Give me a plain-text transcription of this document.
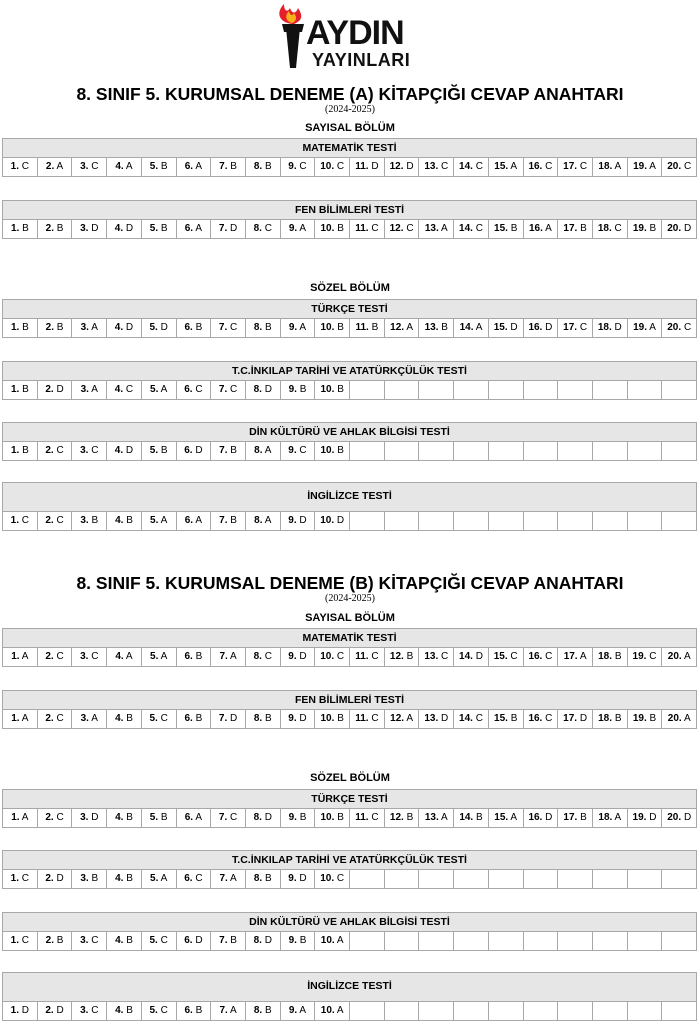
AYDIN
YAYINLARI
8. SINIF 5. KURUMSAL DENEME (A) KİTAPÇIĞI CEVAP ANAHTARI
(2024-2025)
SAYISAL BÖLÜM
MATEMATİK TESTİ
1. C	2. A	3. C	4. A	5. B	6. A	7. B	8. B	9. C	10. C	11. D	12. D	13. C	14. C	15. A	16. C	17. C	18. A	19. A	20. C
FEN BİLİMLERİ TESTİ
1. B	2. B	3. D	4. D	5. B	6. A	7. D	8. C	9. A	10. B	11. C	12. C	13. A	14. C	15. B	16. A	17. B	18. C	19. B	20. D
SÖZEL BÖLÜM
TÜRKÇE TESTİ
1. B	2. B	3. A	4. D	5. D	6. B	7. C	8. B	9. A	10. B	11. B	12. A	13. B	14. A	15. D	16. D	17. C	18. D	19. A	20. C
T.C.İNKILAP TARİHİ VE ATATÜRKÇÜLÜK TESTİ
1. B	2. D	3. A	4. C	5. A	6. C	7. C	8. D	9. B	10. B
DİN KÜLTÜRÜ VE AHLAK BİLGİSİ TESTİ
1. B	2. C	3. C	4. D	5. B	6. D	7. B	8. A	9. C	10. B
İNGİLİZCE TESTİ
1. C	2. C	3. B	4. B	5. A	6. A	7. B	8. A	9. D	10. D
8. SINIF 5. KURUMSAL DENEME (B) KİTAPÇIĞI CEVAP ANAHTARI
(2024-2025)
SAYISAL BÖLÜM
MATEMATİK TESTİ
1. A	2. C	3. C	4. A	5. A	6. B	7. A	8. C	9. D	10. C	11. C	12. B	13. C	14. D	15. C	16. C	17. A	18. B	19. C	20. A
FEN BİLİMLERİ TESTİ
1. A	2. C	3. A	4. B	5. C	6. B	7. D	8. B	9. D	10. B	11. C	12. A	13. D	14. C	15. B	16. C	17. D	18. B	19. B	20. A
SÖZEL BÖLÜM
TÜRKÇE TESTİ
1. A	2. C	3. D	4. B	5. B	6. A	7. C	8. D	9. B	10. B	11. C	12. B	13. A	14. B	15. A	16. D	17. B	18. A	19. D	20. D
T.C.İNKILAP TARİHİ VE ATATÜRKÇÜLÜK TESTİ
1. C	2. D	3. B	4. B	5. A	6. C	7. A	8. B	9. D	10. C
DİN KÜLTÜRÜ VE AHLAK BİLGİSİ TESTİ
1. C	2. B	3. C	4. B	5. C	6. D	7. B	8. D	9. B	10. A
İNGİLİZCE TESTİ
1. D	2. D	3. C	4. B	5. C	6. B	7. A	8. B	9. A	10. A
